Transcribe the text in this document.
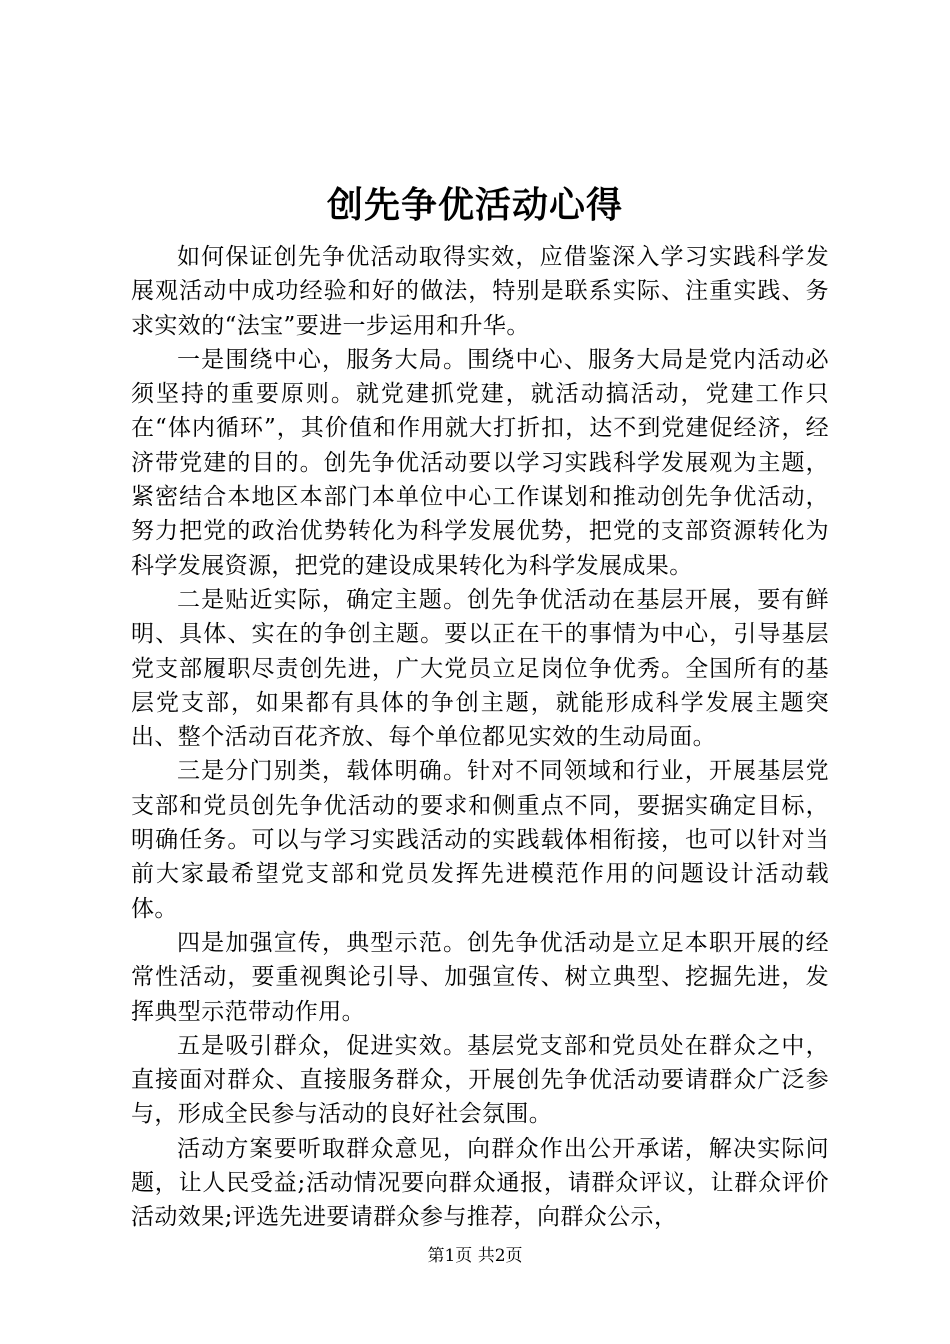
创先争优活动心得

如何保证创先争优活动取得实效，应借鉴深入学习实践科学发展观活动中成功经验和好的做法，特别是联系实际、注重实践、务求实效的“法宝”要进一步运用和升华。

一是围绕中心，服务大局。围绕中心、服务大局是党内活动必须坚持的重要原则。就党建抓党建，就活动搞活动，党建工作只在“体内循环”，其价值和作用就大打折扣，达不到党建促经济，经济带党建的目的。创先争优活动要以学习实践科学发展观为主题，紧密结合本地区本部门本单位中心工作谋划和推动创先争优活动，努力把党的政治优势转化为科学发展优势，把党的支部资源转化为科学发展资源，把党的建设成果转化为科学发展成果。

二是贴近实际，确定主题。创先争优活动在基层开展，要有鲜明、具体、实在的争创主题。要以正在干的事情为中心，引导基层党支部履职尽责创先进，广大党员立足岗位争优秀。全国所有的基层党支部，如果都有具体的争创主题，就能形成科学发展主题突出、整个活动百花齐放、每个单位都见实效的生动局面。

三是分门别类，载体明确。针对不同领域和行业，开展基层党支部和党员创先争优活动的要求和侧重点不同，要据实确定目标，明确任务。可以与学习实践活动的实践载体相衔接，也可以针对当前大家最希望党支部和党员发挥先进模范作用的问题设计活动载体。

四是加强宣传，典型示范。创先争优活动是立足本职开展的经常性活动，要重视舆论引导、加强宣传、树立典型、挖掘先进，发挥典型示范带动作用。

五是吸引群众，促进实效。基层党支部和党员处在群众之中，直接面对群众、直接服务群众，开展创先争优活动要请群众广泛参与，形成全民参与活动的良好社会氛围。

活动方案要听取群众意见，向群众作出公开承诺，解决实际问题，让人民受益;活动情况要向群众通报，请群众评议，让群众评价活动效果;评选先进要请群众参与推荐，向群众公示，

第1页 共2页
